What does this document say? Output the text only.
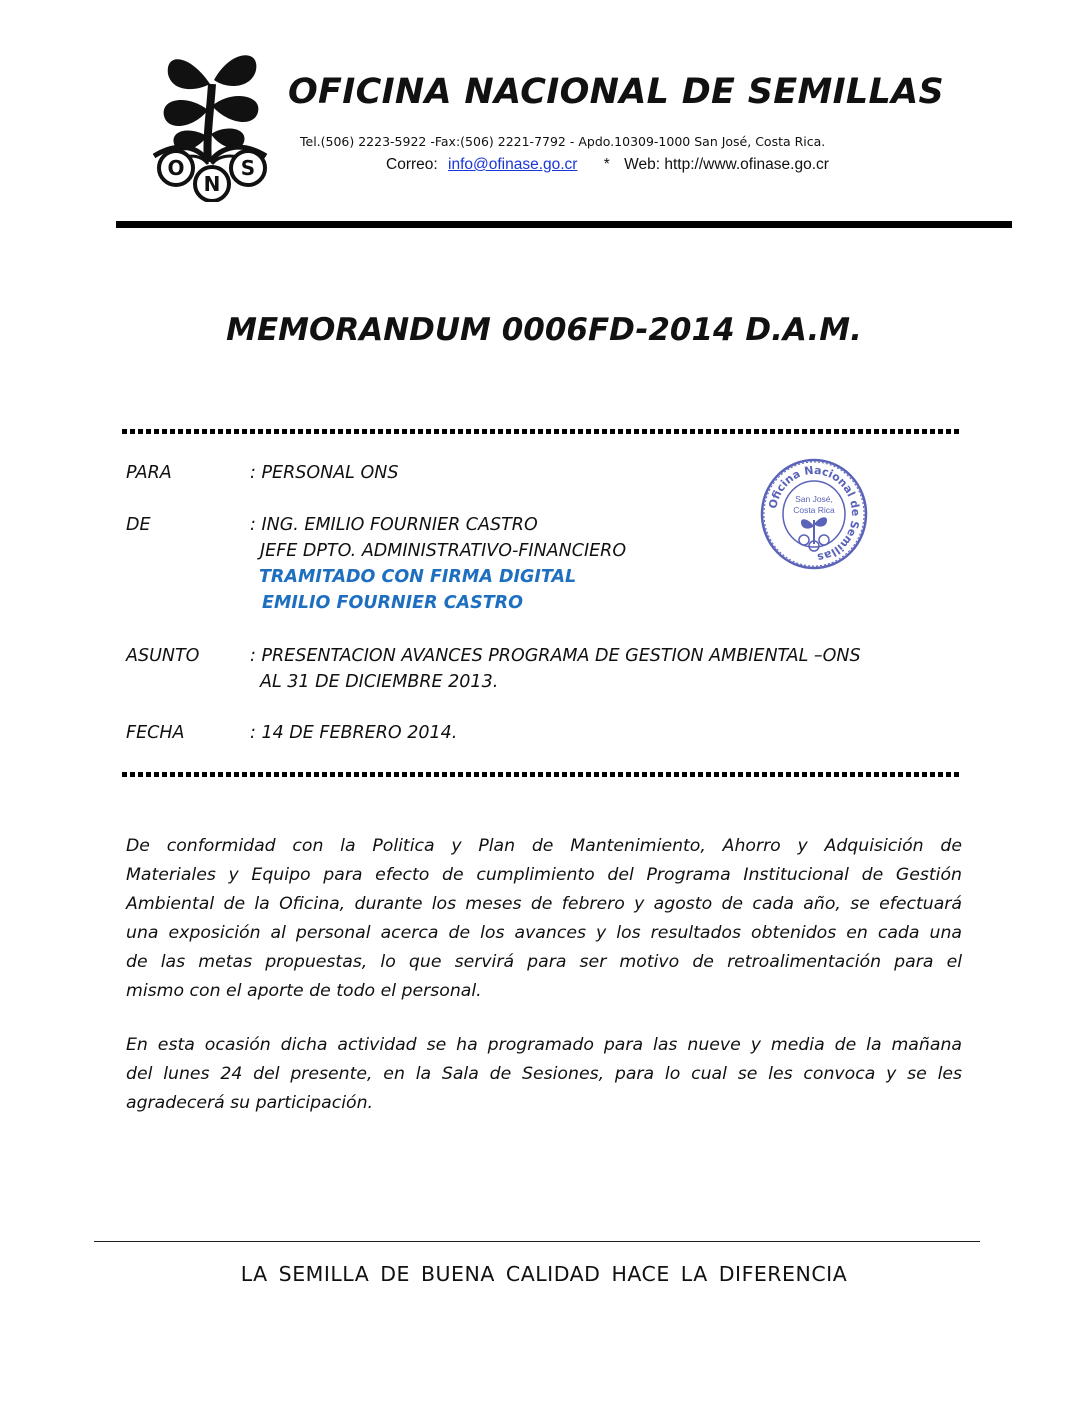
O
N
S
OFICINA NACIONAL DE SEMILLAS
Tel.(506) 2223-5922 -Fax:(506) 2221-7792 - Apdo.10309-1000 San José, Costa Rica.
Correo: info@ofinase.go.cr * Web: http://www.ofinase.go.cr
MEMORANDUM 0006FD-2014 D.A.M.
PARA	: PERSONAL ONS
DE	: ING. EMILIO FOURNIER CASTRO
JEFE DPTO. ADMINISTRATIVO-FINANCIERO
TRAMITADO CON FIRMA DIGITAL
EMILIO FOURNIER CASTRO
ASUNTO	: PRESENTACION AVANCES PROGRAMA DE GESTION AMBIENTAL –ONS
AL 31 DE DICIEMBRE 2013.
FECHA	: 14 DE FEBRERO 2014.
Oficina Nacional de Semillas
San José,
Costa Rica
De conformidad con la Politica y Plan de Mantenimiento, Ahorro y Adquisición de
Materiales y Equipo para efecto de cumplimiento del Programa Institucional de Gestión
Ambiental de la Oficina, durante los meses de febrero y agosto de cada año, se efectuará
una exposición al personal acerca de los avances y los resultados obtenidos en cada una
de las metas propuestas, lo que servirá para ser motivo de retroalimentación para el
mismo con el aporte de todo el personal.
En esta ocasión dicha actividad se ha programado para las nueve y media de la mañana
del lunes 24 del presente, en la Sala de Sesiones, para lo cual se les convoca y se les
agradecerá su participación.
LA SEMILLA DE BUENA CALIDAD HACE LA DIFERENCIA
